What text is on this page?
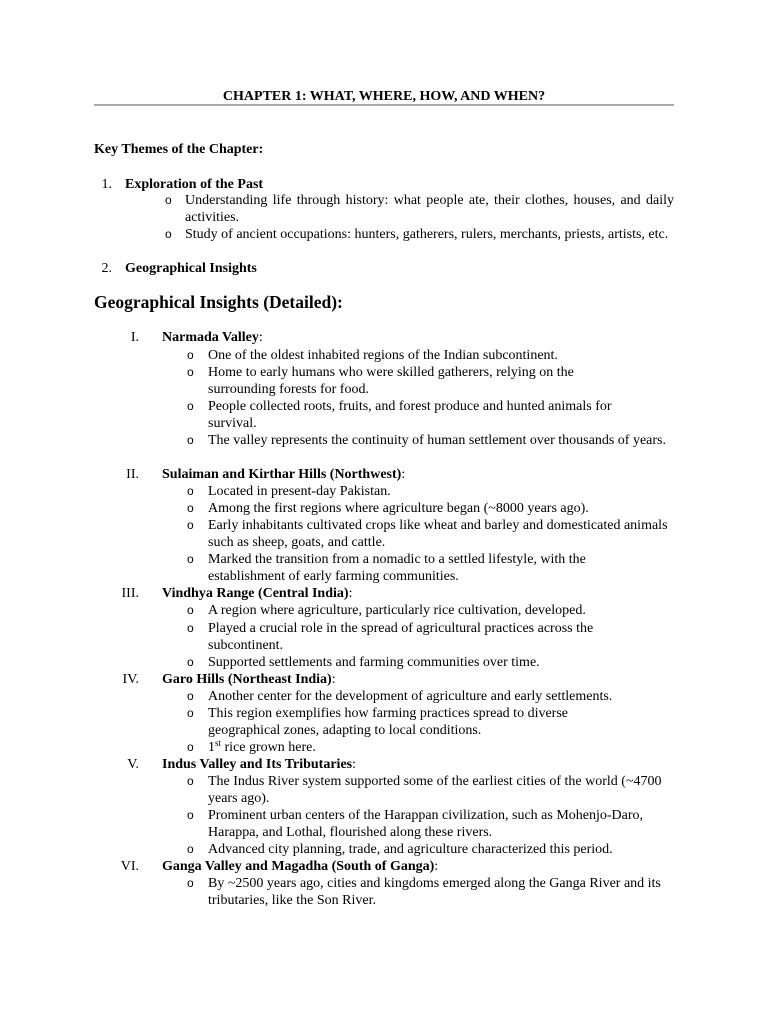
CHAPTER 1: WHAT, WHERE, HOW, AND WHEN?
Key Themes of the Chapter:
1. Exploration of the Past
o Understanding life through history: what people ate, their clothes, houses, and daily activities.
o Study of ancient occupations: hunters, gatherers, rulers, merchants, priests, artists, etc.
2. Geographical Insights
Geographical Insights (Detailed):
I. Narmada Valley:
o One of the oldest inhabited regions of the Indian subcontinent.
o Home to early humans who were skilled gatherers, relying on the surrounding forests for food.
o People collected roots, fruits, and forest produce and hunted animals for survival.
o The valley represents the continuity of human settlement over thousands of years.
II. Sulaiman and Kirthar Hills (Northwest):
o Located in present-day Pakistan.
o Among the first regions where agriculture began (~8000 years ago).
o Early inhabitants cultivated crops like wheat and barley and domesticated animals such as sheep, goats, and cattle.
o Marked the transition from a nomadic to a settled lifestyle, with the establishment of early farming communities.
III. Vindhya Range (Central India):
o A region where agriculture, particularly rice cultivation, developed.
o Played a crucial role in the spread of agricultural practices across the subcontinent.
o Supported settlements and farming communities over time.
IV. Garo Hills (Northeast India):
o Another center for the development of agriculture and early settlements.
o This region exemplifies how farming practices spread to diverse geographical zones, adapting to local conditions.
o 1st rice grown here.
V. Indus Valley and Its Tributaries:
o The Indus River system supported some of the earliest cities of the world (~4700 years ago).
o Prominent urban centers of the Harappan civilization, such as Mohenjo-Daro, Harappa, and Lothal, flourished along these rivers.
o Advanced city planning, trade, and agriculture characterized this period.
VI. Ganga Valley and Magadha (South of Ganga):
o By ~2500 years ago, cities and kingdoms emerged along the Ganga River and its tributaries, like the Son River.
